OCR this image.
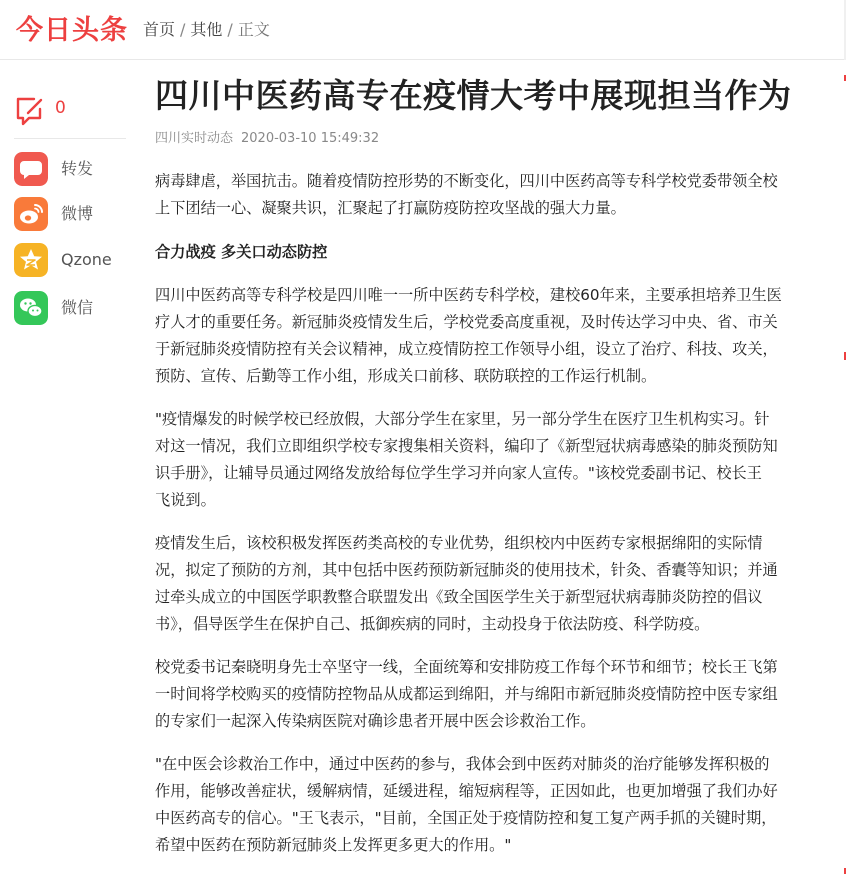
今日头条 首页 / 其他 / 正文
0
转发
微博
Qzone
微信
四川中医药高专在疫情大考中展现担当作为
四川实时动态 2020-03-10 15:49:32

病毒肆虐，举国抗击。随着疫情防控形势的不断变化，四川中医药高等专科学校党委带领全校
上下团结一心、凝聚共识，汇聚起了打赢防疫防控攻坚战的强大力量。

合力战疫 多关口动态防控

四川中医药高等专科学校是四川唯一一所中医药专科学校，建校60年来，主要承担培养卫生医
疗人才的重要任务。新冠肺炎疫情发生后，学校党委高度重视，及时传达学习中央、省、市关
于新冠肺炎疫情防控有关会议精神，成立疫情防控工作领导小组，设立了治疗、科技、攻关，
预防、宣传、后勤等工作小组，形成关口前移、联防联控的工作运行机制。

"疫情爆发的时候学校已经放假，大部分学生在家里，另一部分学生在医疗卫生机构实习。针
对这一情况，我们立即组织学校专家搜集相关资料，编印了《新型冠状病毒感染的肺炎预防知
识手册》，让辅导员通过网络发放给每位学生学习并向家人宣传。"该校党委副书记、校长王
飞说到。

疫情发生后，该校积极发挥医药类高校的专业优势，组织校内中医药专家根据绵阳的实际情
况，拟定了预防的方剂，其中包括中医药预防新冠肺炎的使用技术，针灸、香囊等知识；并通
过牵头成立的中国医学职教整合联盟发出《致全国医学生关于新型冠状病毒肺炎防控的倡议
书》，倡导医学生在保护自己、抵御疾病的同时，主动投身于依法防疫、科学防疫。

校党委书记秦晓明身先士卒坚守一线，全面统筹和安排防疫工作每个环节和细节；校长王飞第
一时间将学校购买的疫情防控物品从成都运到绵阳，并与绵阳市新冠肺炎疫情防控中医专家组
的专家们一起深入传染病医院对确诊患者开展中医会诊救治工作。

"在中医会诊救治工作中，通过中医药的参与，我体会到中医药对肺炎的治疗能够发挥积极的
作用，能够改善症状，缓解病情，延缓进程，缩短病程等，正因如此，也更加增强了我们办好
中医药高专的信心。"王飞表示，"目前，全国正处于疫情防控和复工复产两手抓的关键时期，
希望中医药在预防新冠肺炎上发挥更多更大的作用。"
